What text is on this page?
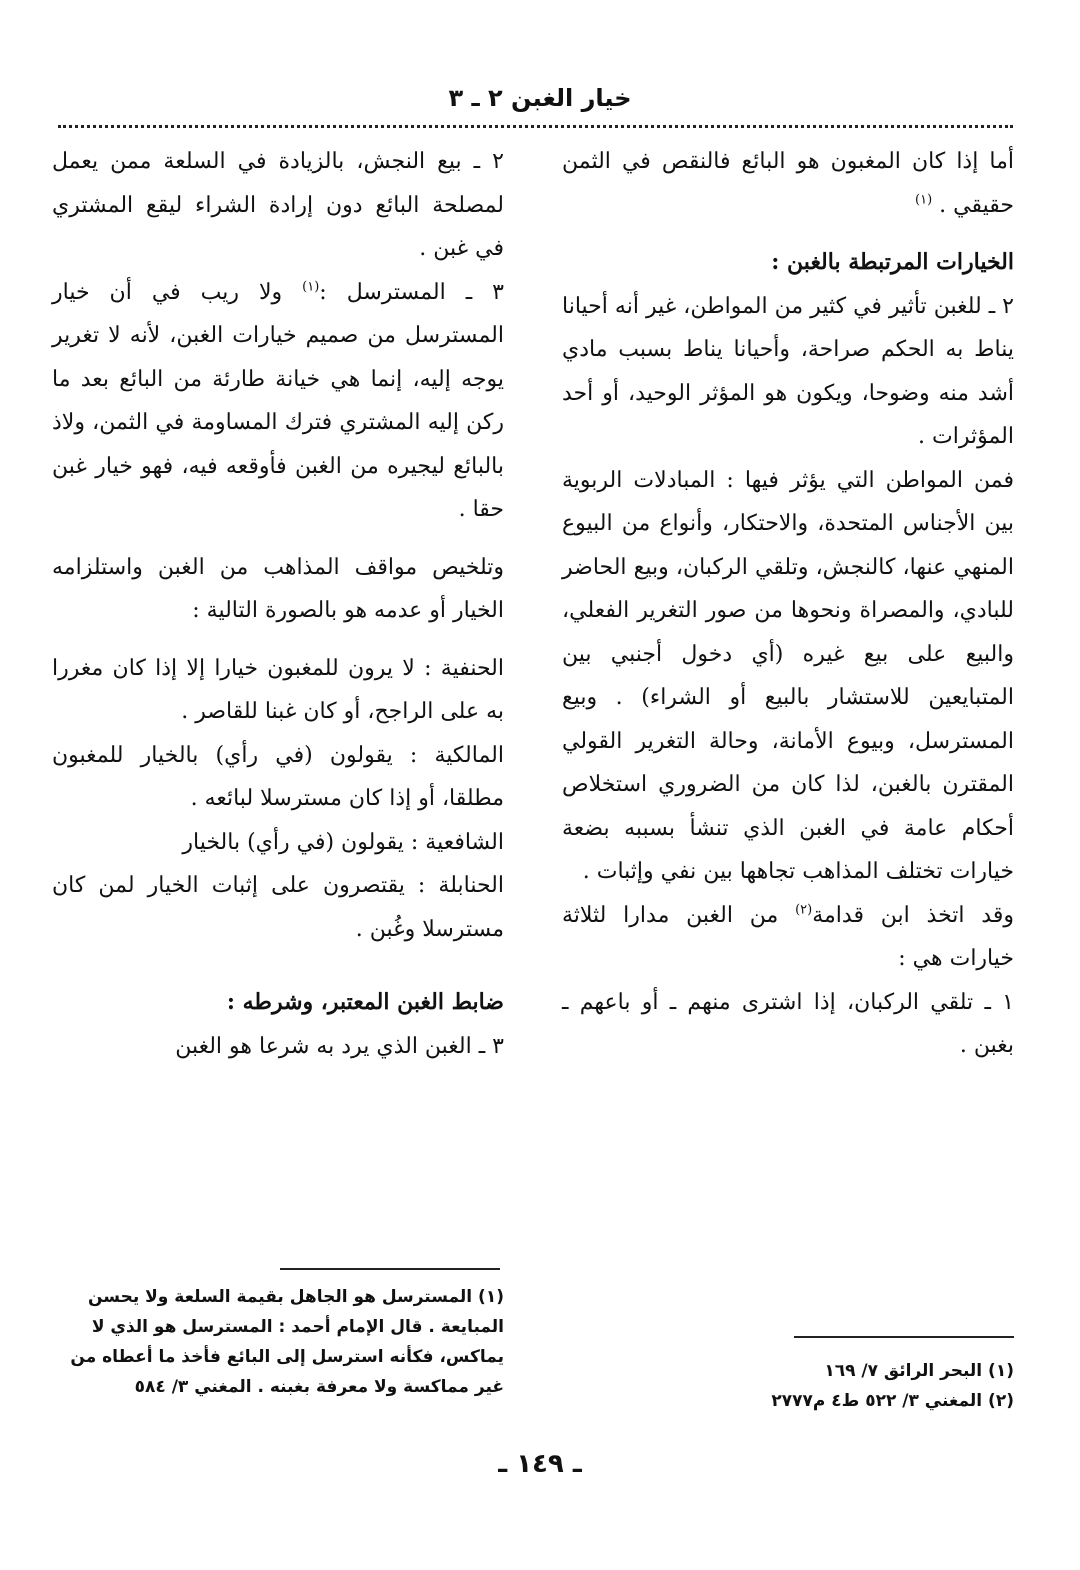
خيار الغبن ٢ ـ ٣

أما إذا كان المغبون هو البائع فالنقص في الثمن حقيقي . $^{(١)}$

الخيارات المرتبطة بالغبن :

٢ ـ للغبن تأثير في كثير من المواطن، غير أنه أحيانا يناط به الحكم صراحة، وأحيانا يناط بسبب مادي أشد منه وضوحا، ويكون هو المؤثر الوحيد، أو أحد المؤثرات .

فمن المواطن التي يؤثر فيها : المبادلات الربوية بين الأجناس المتحدة، والاحتكار، وأنواع من البيوع المنهي عنها، كالنجش، وتلقي الركبان، وبيع الحاضر للبادي، والمصراة ونحوها من صور التغرير الفعلي، والبيع على بيع غيره (أي دخول أجنبي بين المتبايعين للاستشار بالبيع أو الشراء) . وبيع المسترسل، وبيوع الأمانة، وحالة التغرير القولي المقترن بالغبن، لذا كان من الضروري استخلاص أحكام عامة في الغبن الذي تنشأ بسببه بضعة خيارات تختلف المذاهب تجاهها بين نفي وإثبات .

وقد اتخذ ابن قدامة$^{(٢)}$ من الغبن مدارا لثلاثة خيارات هي :

١ ـ تلقي الركبان، إذا اشترى منهم ـ أو باعهم ـ بغبن .

(١) البحر الرائق ٧/ ١٦٩

(٢) المغني ٣/ ٥٢٢ ط٤ م٢٧٧٧

٢ ـ بيع النجش، بالزيادة في السلعة ممن يعمل لمصلحة البائع دون إرادة الشراء ليقع المشتري في غبن .

٣ ـ المسترسل :$^{(١)}$ ولا ريب في أن خيار المسترسل من صميم خيارات الغبن، لأنه لا تغرير يوجه إليه، إنما هي خيانة طارئة من البائع بعد ما ركن إليه المشتري فترك المساومة في الثمن، ولاذ بالبائع ليجيره من الغبن فأوقعه فيه، فهو خيار غبن حقا .

وتلخيص مواقف المذاهب من الغبن واستلزامه الخيار أو عدمه هو بالصورة التالية :

الحنفية : لا يرون للمغبون خيارا إلا إذا كان مغررا به على الراجح، أو كان غبنا للقاصر .

المالكية : يقولون (في رأي) بالخيار للمغبون مطلقا، أو إذا كان مسترسلا لبائعه .

الشافعية : يقولون (في رأي) بالخيار

الحنابلة : يقتصرون على إثبات الخيار لمن كان مسترسلا وغُبن .

ضابط الغبن المعتبر، وشرطه :

٣ ـ الغبن الذي يرد به شرعا هو الغبن

(١) المسترسل هو الجاهل بقيمة السلعة ولا يحسن المبايعة . قال الإمام أحمد : المسترسل هو الذي لا يماكس، فكأنه استرسل إلى البائع فأخذ ما أعطاه من غير مماكسة ولا معرفة بغبنه . المغني ٣/ ٥٨٤

ـ ١٤٩ ـ
